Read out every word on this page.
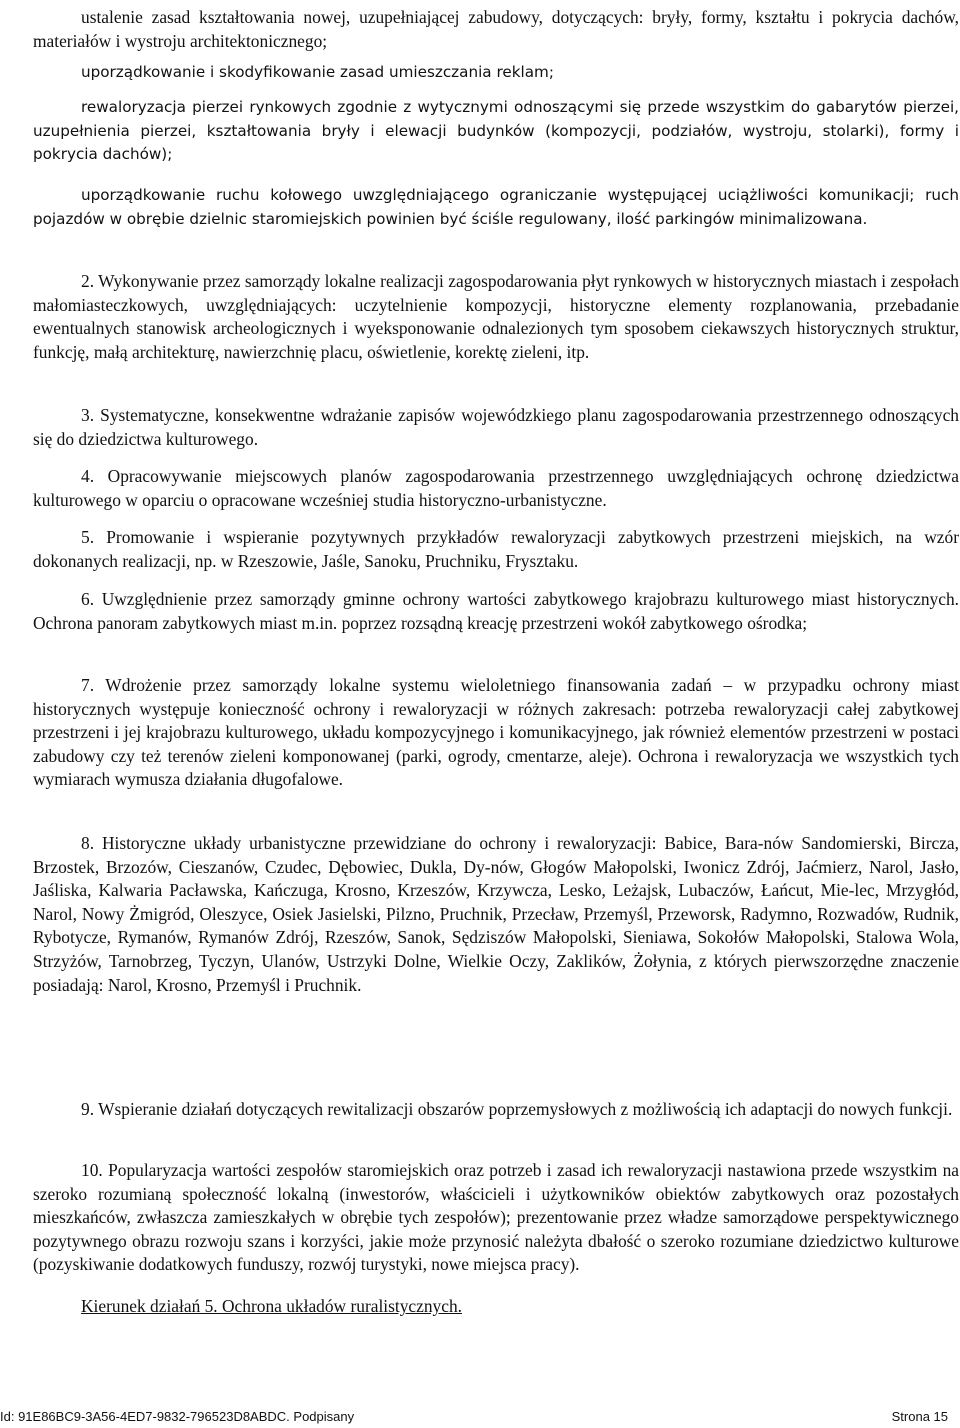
ustalenie zasad kształtowania nowej, uzupełniającej zabudowy, dotyczących: bryły, formy, kształtu i pokrycia dachów, materiałów i wystroju architektonicznego;

uporządkowanie i skodyfikowanie zasad umieszczania reklam;

rewaloryzacja pierzei rynkowych zgodnie z wytycznymi odnoszącymi się przede wszystkim do gabarytów pierzei, uzupełnienia pierzei, kształtowania bryły i elewacji budynków (kompozycji, podziałów, wystroju, stolarki), formy i pokrycia dachów);

uporządkowanie ruchu kołowego uwzględniającego ograniczanie występującej uciążliwości komunikacji; ruch pojazdów w obrębie dzielnic staromiejskich powinien być ściśle regulowany, ilość parkingów minimalizowana.

2. Wykonywanie przez samorządy lokalne realizacji zagospodarowania płyt rynkowych w historycznych miastach i zespołach małomiasteczkowych, uwzględniających: uczytelnienie kompozycji, historyczne elementy rozplanowania, przebadanie ewentualnych stanowisk archeologicznych i wyeksponowanie odnalezionych tym sposobem ciekawszych historycznych struktur, funkcję, małą architekturę, nawierzchnię placu, oświetlenie, korektę zieleni, itp.

3. Systematyczne, konsekwentne wdrażanie zapisów wojewódzkiego planu zagospodarowania przestrzennego odnoszących się do dziedzictwa kulturowego.

4. Opracowywanie miejscowych planów zagospodarowania przestrzennego uwzględniających ochronę dziedzictwa kulturowego w oparciu o opracowane wcześniej studia historyczno-urbanistyczne.

5. Promowanie i wspieranie pozytywnych przykładów rewaloryzacji zabytkowych przestrzeni miejskich, na wzór dokonanych realizacji, np. w Rzeszowie, Jaśle, Sanoku, Pruchniku, Frysztaku.

6. Uwzględnienie przez samorządy gminne ochrony wartości zabytkowego krajobrazu kulturowego miast historycznych. Ochrona panoram zabytkowych miast m.in. poprzez rozsądną kreację przestrzeni wokół zabytkowego ośrodka;

7. Wdrożenie przez samorządy lokalne systemu wieloletniego finansowania zadań – w przypadku ochrony miast historycznych występuje konieczność ochrony i rewaloryzacji w różnych zakresach: potrzeba rewaloryzacji całej zabytkowej przestrzeni i jej krajobrazu kulturowego, układu kompozycyjnego i komunikacyjnego, jak również elementów przestrzeni w postaci zabudowy czy też terenów zieleni komponowanej (parki, ogrody, cmentarze, aleje). Ochrona i rewaloryzacja we wszystkich tych wymiarach wymusza działania długofalowe.

8. Historyczne układy urbanistyczne przewidziane do ochrony i rewaloryzacji: Babice, Bara-nów Sandomierski, Bircza, Brzostek, Brzozów, Cieszanów, Czudec, Dębowiec, Dukla, Dy-nów, Głogów Małopolski, Iwonicz Zdrój, Jaćmierz, Narol, Jasło, Jaśliska, Kalwaria Pacławska, Kańczuga, Krosno, Krzeszów, Krzywcza, Lesko, Leżajsk, Lubaczów, Łańcut, Mie-lec, Mrzygłód, Narol, Nowy Żmigród, Oleszyce, Osiek Jasielski, Pilzno, Pruchnik, Przecław, Przemyśl, Przeworsk, Radymno, Rozwadów, Rudnik, Rybotycze, Rymanów, Rymanów Zdrój, Rzeszów, Sanok, Sędziszów Małopolski, Sieniawa, Sokołów Małopolski, Stalowa Wola, Strzyżów, Tarnobrzeg, Tyczyn, Ulanów, Ustrzyki Dolne, Wielkie Oczy, Zaklików, Żołynia, z których pierwszorzędne znaczenie posiadają: Narol, Krosno, Przemyśl i Pruchnik.

9. Wspieranie działań dotyczących rewitalizacji obszarów poprzemysłowych z możliwością ich adaptacji do nowych funkcji.

10. Popularyzacja wartości zespołów staromiejskich oraz potrzeb i zasad ich rewaloryzacji nastawiona przede wszystkim na szeroko rozumianą społeczność lokalną (inwestorów, właścicieli i użytkowników obiektów zabytkowych oraz pozostałych mieszkańców, zwłaszcza zamieszkałych w obrębie tych zespołów); prezentowanie przez władze samorządowe perspektywicznego pozytywnego obrazu rozwoju szans i korzyści, jakie może przynosić należyta dbałość o szeroko rozumiane dziedzictwo kulturowe (pozyskiwanie dodatkowych funduszy, rozwój turystyki, nowe miejsca pracy).

Kierunek działań 5. Ochrona układów ruralistycznych.
Id: 91E86BC9-3A56-4ED7-9832-796523D8ABDC. Podpisany	Strona 15
